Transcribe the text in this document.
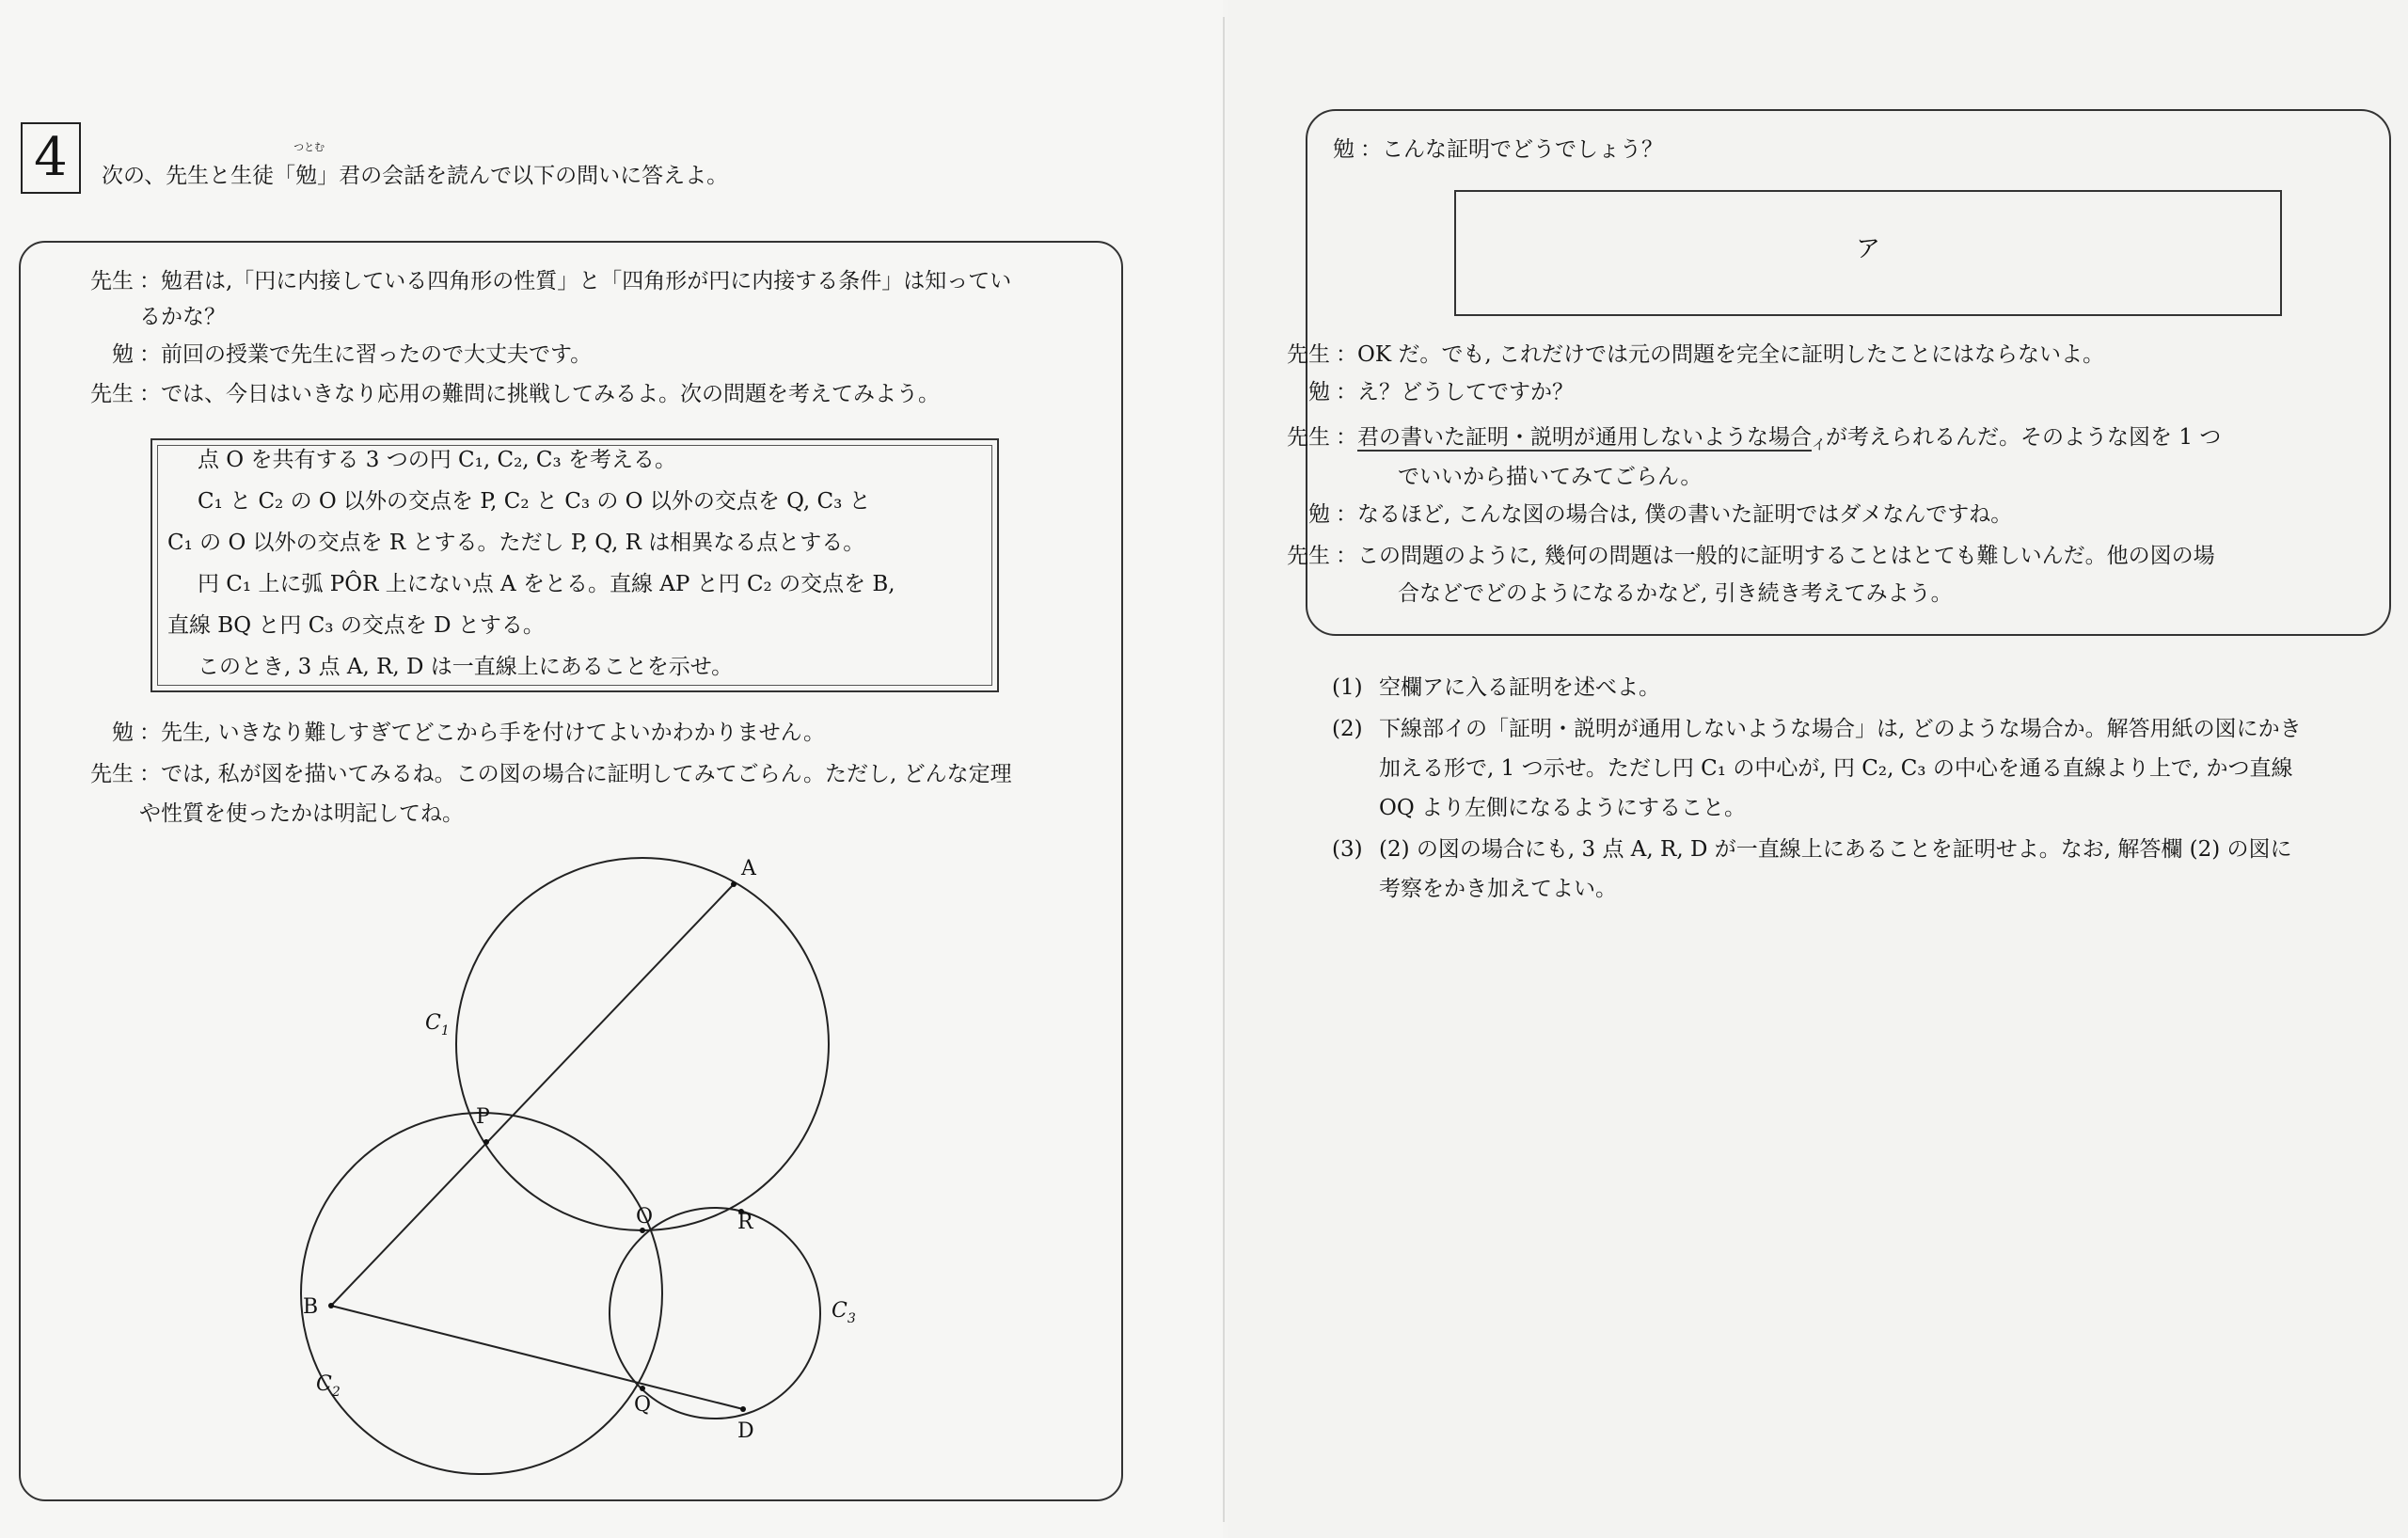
4	次の、先生と生徒「
つとむ
勉」君の会話を読んで以下の問いに答えよ。
先生 ：勉君は,「円に内接している四角形の性質」と「四角形が円に内接する条件」は知ってい
るかな？
勉 ：前回の授業で先生に習ったので大丈夫です。
先生 ：では、今日はいきなり応用の難問に挑戦してみるよ。次の問題を考えてみよう。
点 O を共有する 3 つの円 C₁, C₂, C₃ を考える。
C₁ と C₂ の O 以外の交点を P, C₂ と C₃ の O 以外の交点を Q, C₃ と
C₁ の O 以外の交点を R とする。ただし P, Q, R は相異なる点とする。
円 C₁ 上に弧 PÔR 上にない点 A をとる。直線 AP と円 C₂ の交点を B,
直線 BQ と円 C₃ の交点を D とする。
このとき, 3 点 A, R, D は一直線上にあることを示せ。
勉 ：先生, いきなり難しすぎてどこから手を付けてよいかわかりません。
先生 ：では, 私が図を描いてみるね。この図の場合に証明してみてごらん。ただし, どんな定理
や性質を使ったかは明記してね。
A
P
O	R
B
Q
D
$C_1$
$C_2$
$C_3$
勉 ：こんな証明でどうでしょう？
ア
先生 ：OK だ。でも, これだけでは元の問題を完全に証明したことにはならないよ。
勉 ：え？どうしてですか？
先生 ：君の書いた証明・説明が通用しないような場合$_イ$が考えられるんだ。そのような図を 1 つ
でいいから描いてみてごらん。
勉 ：なるほど, こんな図の場合は, 僕の書いた証明ではダメなんですね。
先生 ：この問題のように, 幾何の問題は一般的に証明することはとても難しいんだ。他の図の場
合などでどのようになるかなど, 引き続き考えてみよう。
(1) 空欄アに入る証明を述べよ。
(2) 下線部イの「証明・説明が通用しないような場合」は, どのような場合か。解答用紙の図にかき
加える形で, 1 つ示せ。ただし円 C₁ の中心が, 円 C₂, C₃ の中心を通る直線より上で, かつ直線
OQ より左側になるようにすること。
(3) (2) の図の場合にも, 3 点 A, R, D が一直線上にあることを証明せよ。なお, 解答欄 (2) の図に
考察をかき加えてよい。
